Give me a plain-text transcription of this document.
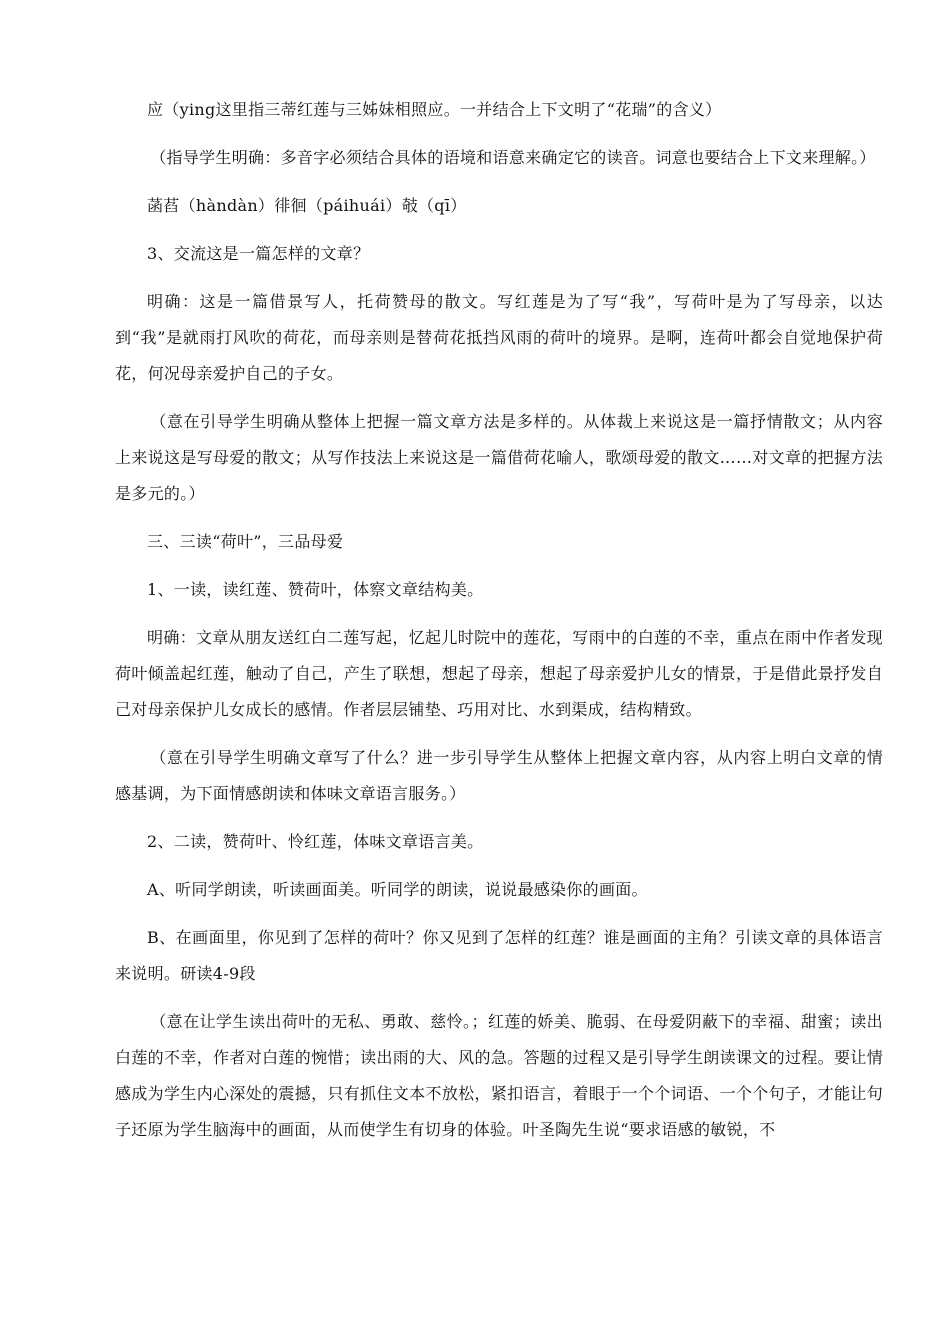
应（ying这里指三蒂红莲与三姊妹相照应。一并结合上下文明了“花瑞”的含义）

（指导学生明确：多音字必须结合具体的语境和语意来确定它的读音。词意也要结合上下文来理解。）

菡萏（hàndàn）徘徊（páihuái）攲（qī）

3、交流这是一篇怎样的文章？

明确：这是一篇借景写人，托荷赞母的散文。写红莲是为了写“我”，写荷叶是为了写母亲，以达到“我”是就雨打风吹的荷花，而母亲则是替荷花抵挡风雨的荷叶的境界。是啊，连荷叶都会自觉地保护荷花，何况母亲爱护自己的子女。

（意在引导学生明确从整体上把握一篇文章方法是多样的。从体裁上来说这是一篇抒情散文；从内容上来说这是写母爱的散文；从写作技法上来说这是一篇借荷花喻人，歌颂母爱的散文……对文章的把握方法是多元的。）

三、三读“荷叶”，三品母爱

1、一读，读红莲、赞荷叶，体察文章结构美。

明确：文章从朋友送红白二莲写起，忆起儿时院中的莲花，写雨中的白莲的不幸，重点在雨中作者发现荷叶倾盖起红莲，触动了自己，产生了联想，想起了母亲，想起了母亲爱护儿女的情景，于是借此景抒发自己对母亲保护儿女成长的感情。作者层层铺垫、巧用对比、水到渠成，结构精致。

（意在引导学生明确文章写了什么？进一步引导学生从整体上把握文章内容，从内容上明白文章的情感基调，为下面情感朗读和体味文章语言服务。）

2、二读，赞荷叶、怜红莲，体味文章语言美。

A、听同学朗读，听读画面美。听同学的朗读，说说最感染你的画面。

B、在画面里，你见到了怎样的荷叶？你又见到了怎样的红莲？谁是画面的主角？引读文章的具体语言来说明。研读4-9段

（意在让学生读出荷叶的无私、勇敢、慈怜。；红莲的娇美、脆弱、在母爱阴蔽下的幸福、甜蜜；读出白莲的不幸，作者对白莲的惋惜；读出雨的大、风的急。答题的过程又是引导学生朗读课文的过程。要让情感成为学生内心深处的震撼，只有抓住文本不放松，紧扣语言，着眼于一个个词语、一个个句子，才能让句子还原为学生脑海中的画面，从而使学生有切身的体验。叶圣陶先生说“要求语感的敏锐，不
